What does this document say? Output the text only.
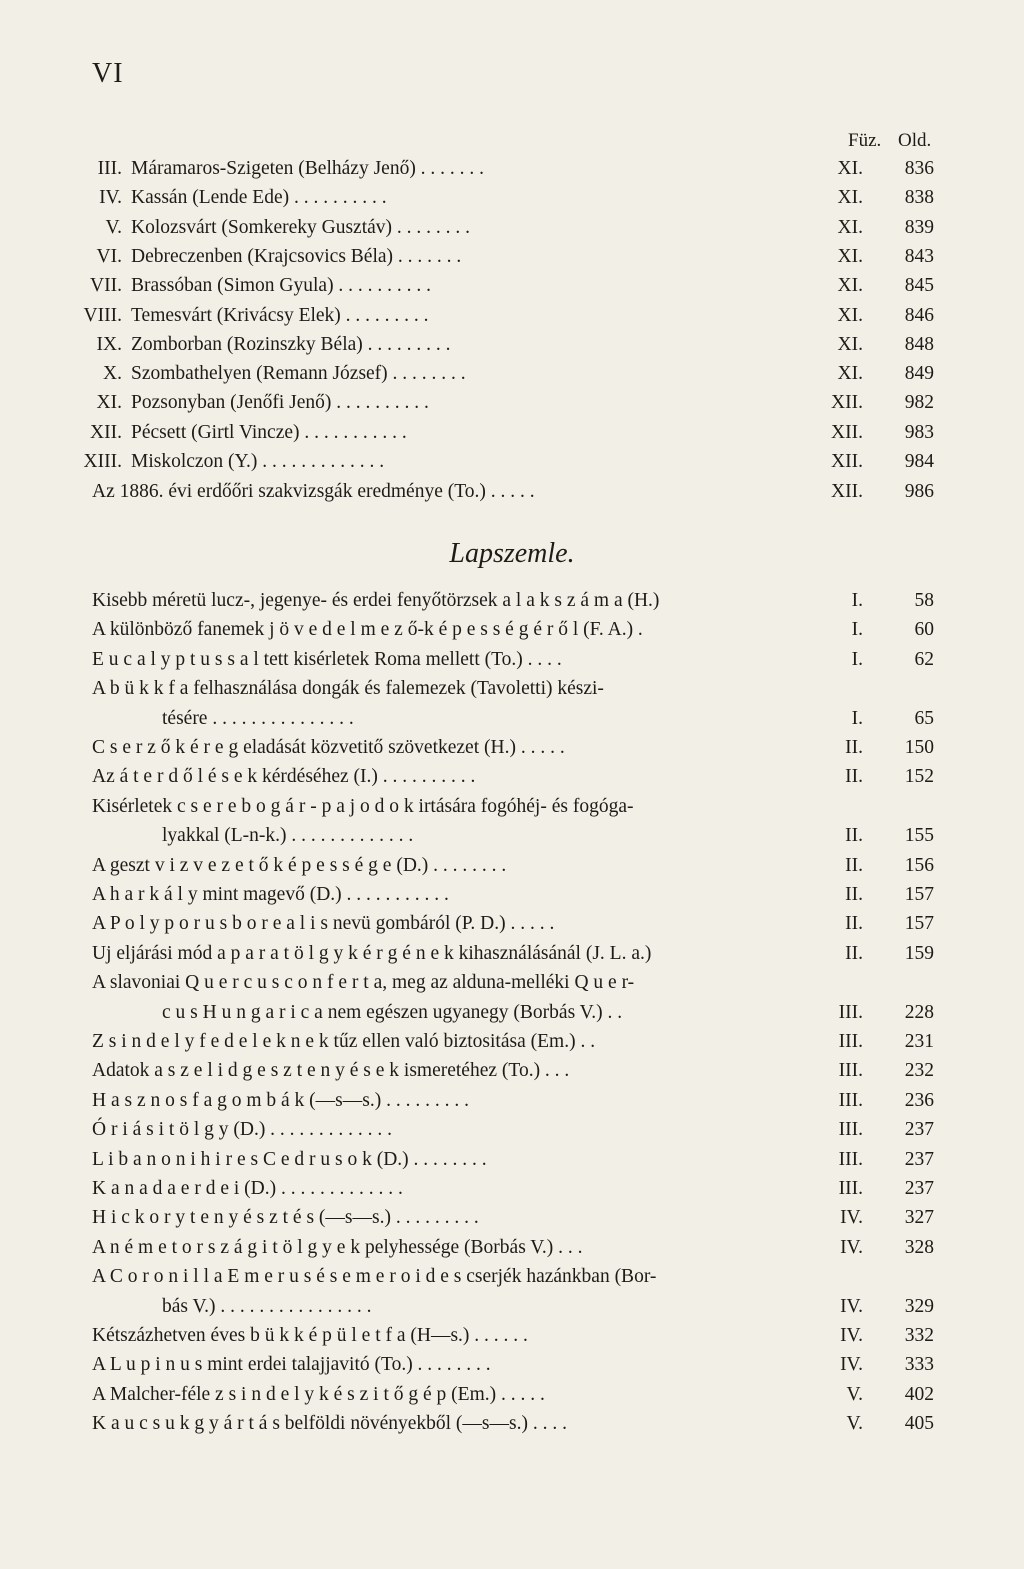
VI
Füz. Old.
III. Máramaros-Szigeten (Belházy Jenő) . . . . . . .	XI.	836
IV. Kassán (Lende Ede) . . . . . . . . . .	XI.	838
V. Kolozsvárt (Somkereky Gusztáv) . . . . . . . .	XI.	839
VI. Debreczenben (Krajcsovics Béla) . . . . . . .	XI.	843
VII. Brassóban (Simon Gyula) . . . . . . . . . .	XI.	845
VIII. Temesvárt (Krivácsy Elek) . . . . . . . . .	XI.	846
IX. Zomborban (Rozinszky Béla) . . . . . . . . .	XI.	848
X. Szombathelyen (Remann József) . . . . . . . .	XI.	849
XI. Pozsonyban (Jenőfi Jenő) . . . . . . . . . .	XII.	982
XII. Pécsett (Girtl Vincze) . . . . . . . . . . .	XII.	983
XIII. Miskolczon (Y.) . . . . . . . . . . . . .	XII.	984
Az 1886. évi erdőőri szakvizsgák eredménye (To.) . . . . .	XII.	986
Lapszemle.
Kisebb méretü lucz-, jegenye- és erdei fenyőtörzsek a l a k s z á m a (H.)	I.	58
A különböző fanemek j ö v e d e l m e z ő-k é p e s s é g é r ő l (F. A.) .	I.	60
E u c a l y p t u s s a l tett kisérletek Roma mellett (To.) . . . .	I.	62
A b ü k k f a felhasználása dongák és falemezek (Tavoletti) készi-
tésére . . . . . . . . . . . . . . .	I.	65
C s e r z ő k é r e g eladását közvetitő szövetkezet (H.) . . . . .	II.	150
Az á t e r d ő l é s e k kérdéséhez (I.) . . . . . . . . . .	II.	152
Kisérletek c s e r e b o g á r - p a j o d o k irtására fogóhéj- és fogóga-
lyakkal (L-n-k.) . . . . . . . . . . . . .	II.	155
A geszt v i z v e z e t ő k é p e s s é g e (D.) . . . . . . . .	II.	156
A h a r k á l y mint magevő (D.) . . . . . . . . . . .	II.	157
A P o l y p o r u s b o r e a l i s nevü gombáról (P. D.) . . . . .	II.	157
Uj eljárási mód a p a r a t ö l g y k é r g é n e k kihasználásánál (J. L. a.)	II.	159
A slavoniai Q u e r c u s c o n f e r t a, meg az alduna-melléki Q u e r-
c u s H u n g a r i c a nem egészen ugyanegy (Borbás V.) . .	III.	228
Z s i n d e l y f e d e l e k n e k tűz ellen való biztositása (Em.) . .	III.	231
Adatok a s z e l i d g e s z t e n y é s e k ismeretéhez (To.) . . .	III.	232
H a s z n o s f a g o m b á k (—s—s.) . . . . . . . . .	III.	236
Ó r i á s i t ö l g y (D.) . . . . . . . . . . . . .	III.	237
L i b a n o n i h i r e s C e d r u s o k (D.) . . . . . . . .	III.	237
K a n a d a e r d e i (D.) . . . . . . . . . . . . .	III.	237
H i c k o r y t e n y é s z t é s (—s—s.) . . . . . . . . .	IV.	327
A n é m e t o r s z á g i t ö l g y e k pelyhessége (Borbás V.) . . .	IV.	328
A C o r o n i l l a E m e r u s é s e m e r o i d e s cserjék hazánkban (Bor-
bás V.) . . . . . . . . . . . . . . . .	IV.	329
Kétszázhetven éves b ü k k é p ü l e t f a (H—s.) . . . . . .	IV.	332
A L u p i n u s mint erdei talajjavitó (To.) . . . . . . . .	IV.	333
A Malcher-féle z s i n d e l y k é s z i t ő g é p (Em.) . . . . .	V.	402
K a u c s u k g y á r t á s belföldi növényekből (—s—s.) . . . .	V.	405
